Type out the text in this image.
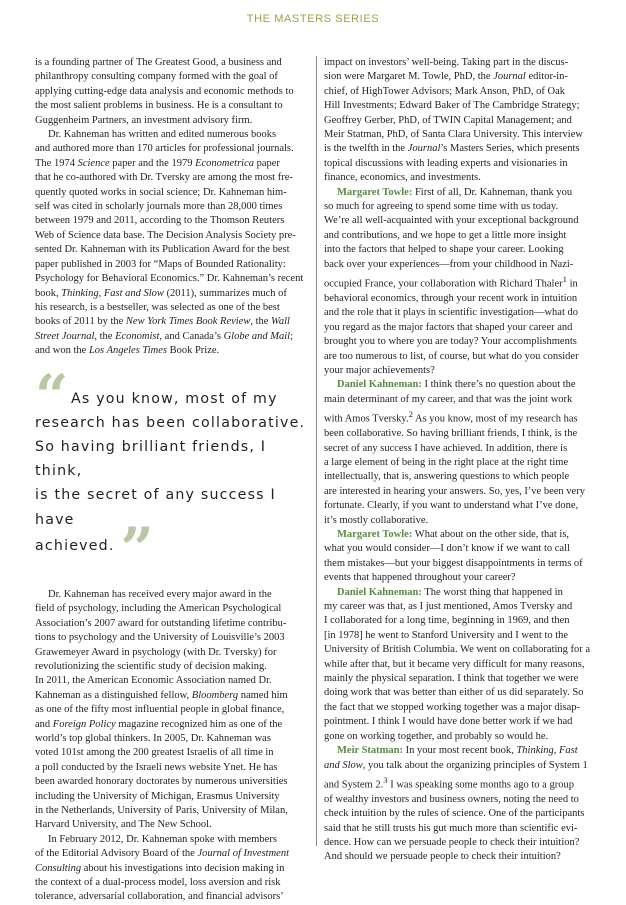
THE MASTERS SERIES

is a founding partner of The Greatest Good, a business and
philanthropy consulting company formed with the goal of
applying cutting-edge data analysis and economic methods to
the most salient problems in business. He is a consultant to
Guggenheim Partners, an investment advisory firm.

Dr. Kahneman has written and edited numerous books
and authored more than 170 articles for professional journals.
The 1974 Science paper and the 1979 Econometrica paper
that he co-authored with Dr. Tversky are among the most fre-
quently quoted works in social science; Dr. Kahneman him-
self was cited in scholarly journals more than 28,000 times
between 1979 and 2011, according to the Thomson Reuters
Web of Science data base. The Decision Analysis Society pre-
sented Dr. Kahneman with its Publication Award for the best
paper published in 2003 for “Maps of Bounded Rationality:
Psychology for Behavioral Economics.” Dr. Kahneman’s recent
book, Thinking, Fast and Slow (2011), summarizes much of
his research, is a bestseller, was selected as one of the best
books of 2011 by the New York Times Book Review, the Wall
Street Journal, the Economist, and Canada’s Globe and Mail;
and won the Los Angeles Times Book Prize.

“ As you know, most of my
research has been collaborative.
So having brilliant friends, I think,
is the secret of any success I have
achieved. ”

Dr. Kahneman has received every major award in the
field of psychology, including the American Psychological
Association’s 2007 award for outstanding lifetime contribu-
tions to psychology and the University of Louisville’s 2003
Grawemeyer Award in psychology (with Dr. Tversky) for
revolutionizing the scientific study of decision making.
In 2011, the American Economic Association named Dr.
Kahneman as a distinguished fellow, Bloomberg named him
as one of the fifty most influential people in global finance,
and Foreign Policy magazine recognized him as one of the
world’s top global thinkers. In 2005, Dr. Kahneman was
voted 101st among the 200 greatest Israelis of all time in
a poll conducted by the Israeli news website Ynet. He has
been awarded honorary doctorates by numerous universities
including the University of Michigan, Erasmus University
in the Netherlands, University of Paris, University of Milan,
Harvard University, and The New School.

In February 2012, Dr. Kahneman spoke with members
of the Editorial Advisory Board of the Journal of Investment
Consulting about his investigations into decision making in
the context of a dual-process model, loss aversion and risk
tolerance, adversarial collaboration, and financial advisors’

impact on investors’ well-being. Taking part in the discus-
sion were Margaret M. Towle, PhD, the Journal editor-in-
chief, of HighTower Advisors; Mark Anson, PhD, of Oak
Hill Investments; Edward Baker of The Cambridge Strategy;
Geoffrey Gerber, PhD, of TWIN Capital Management; and
Meir Statman, PhD, of Santa Clara University. This interview
is the twelfth in the Journal’s Masters Series, which presents
topical discussions with leading experts and visionaries in
finance, economics, and investments.

Margaret Towle: First of all, Dr. Kahneman, thank you
so much for agreeing to spend some time with us today.
We’re all well-acquainted with your exceptional background
and contributions, and we hope to get a little more insight
into the factors that helped to shape your career. Looking
back over your experiences—from your childhood in Nazi-
occupied France, your collaboration with Richard Thaler$^1$ in
behavioral economics, through your recent work in intuition
and the role that it plays in scientific investigation—what do
you regard as the major factors that shaped your career and
brought you to where you are today? Your accomplishments
are too numerous to list, of course, but what do you consider
your major achievements?

Daniel Kahneman: I think there’s no question about the
main determinant of my career, and that was the joint work
with Amos Tversky.$^2$ As you know, most of my research has
been collaborative. So having brilliant friends, I think, is the
secret of any success I have achieved. In addition, there is
a large element of being in the right place at the right time
intellectually, that is, answering questions to which people
are interested in hearing your answers. So, yes, I’ve been very
fortunate. Clearly, if you want to understand what I’ve done,
it’s mostly collaborative.

Margaret Towle: What about on the other side, that is,
what you would consider—I don’t know if we want to call
them mistakes—but your biggest disappointments in terms of
events that happened throughout your career?

Daniel Kahneman: The worst thing that happened in
my career was that, as I just mentioned, Amos Tversky and
I collaborated for a long time, beginning in 1969, and then
[in 1978] he went to Stanford University and I went to the
University of British Columbia. We went on collaborating for a
while after that, but it became very difficult for many reasons,
mainly the physical separation. I think that together we were
doing work that was better than either of us did separately. So
the fact that we stopped working together was a major disap-
pointment. I think I would have done better work if we had
gone on working together, and probably so would he.

Meir Statman: In your most recent book, Thinking, Fast
and Slow, you talk about the organizing principles of System 1
and System 2.$^3$ I was speaking some months ago to a group
of wealthy investors and business owners, noting the need to
check intuition by the rules of science. One of the participants
said that he still trusts his gut much more than scientific evi-
dence. How can we persuade people to check their intuition?
And should we persuade people to check their intuition?
